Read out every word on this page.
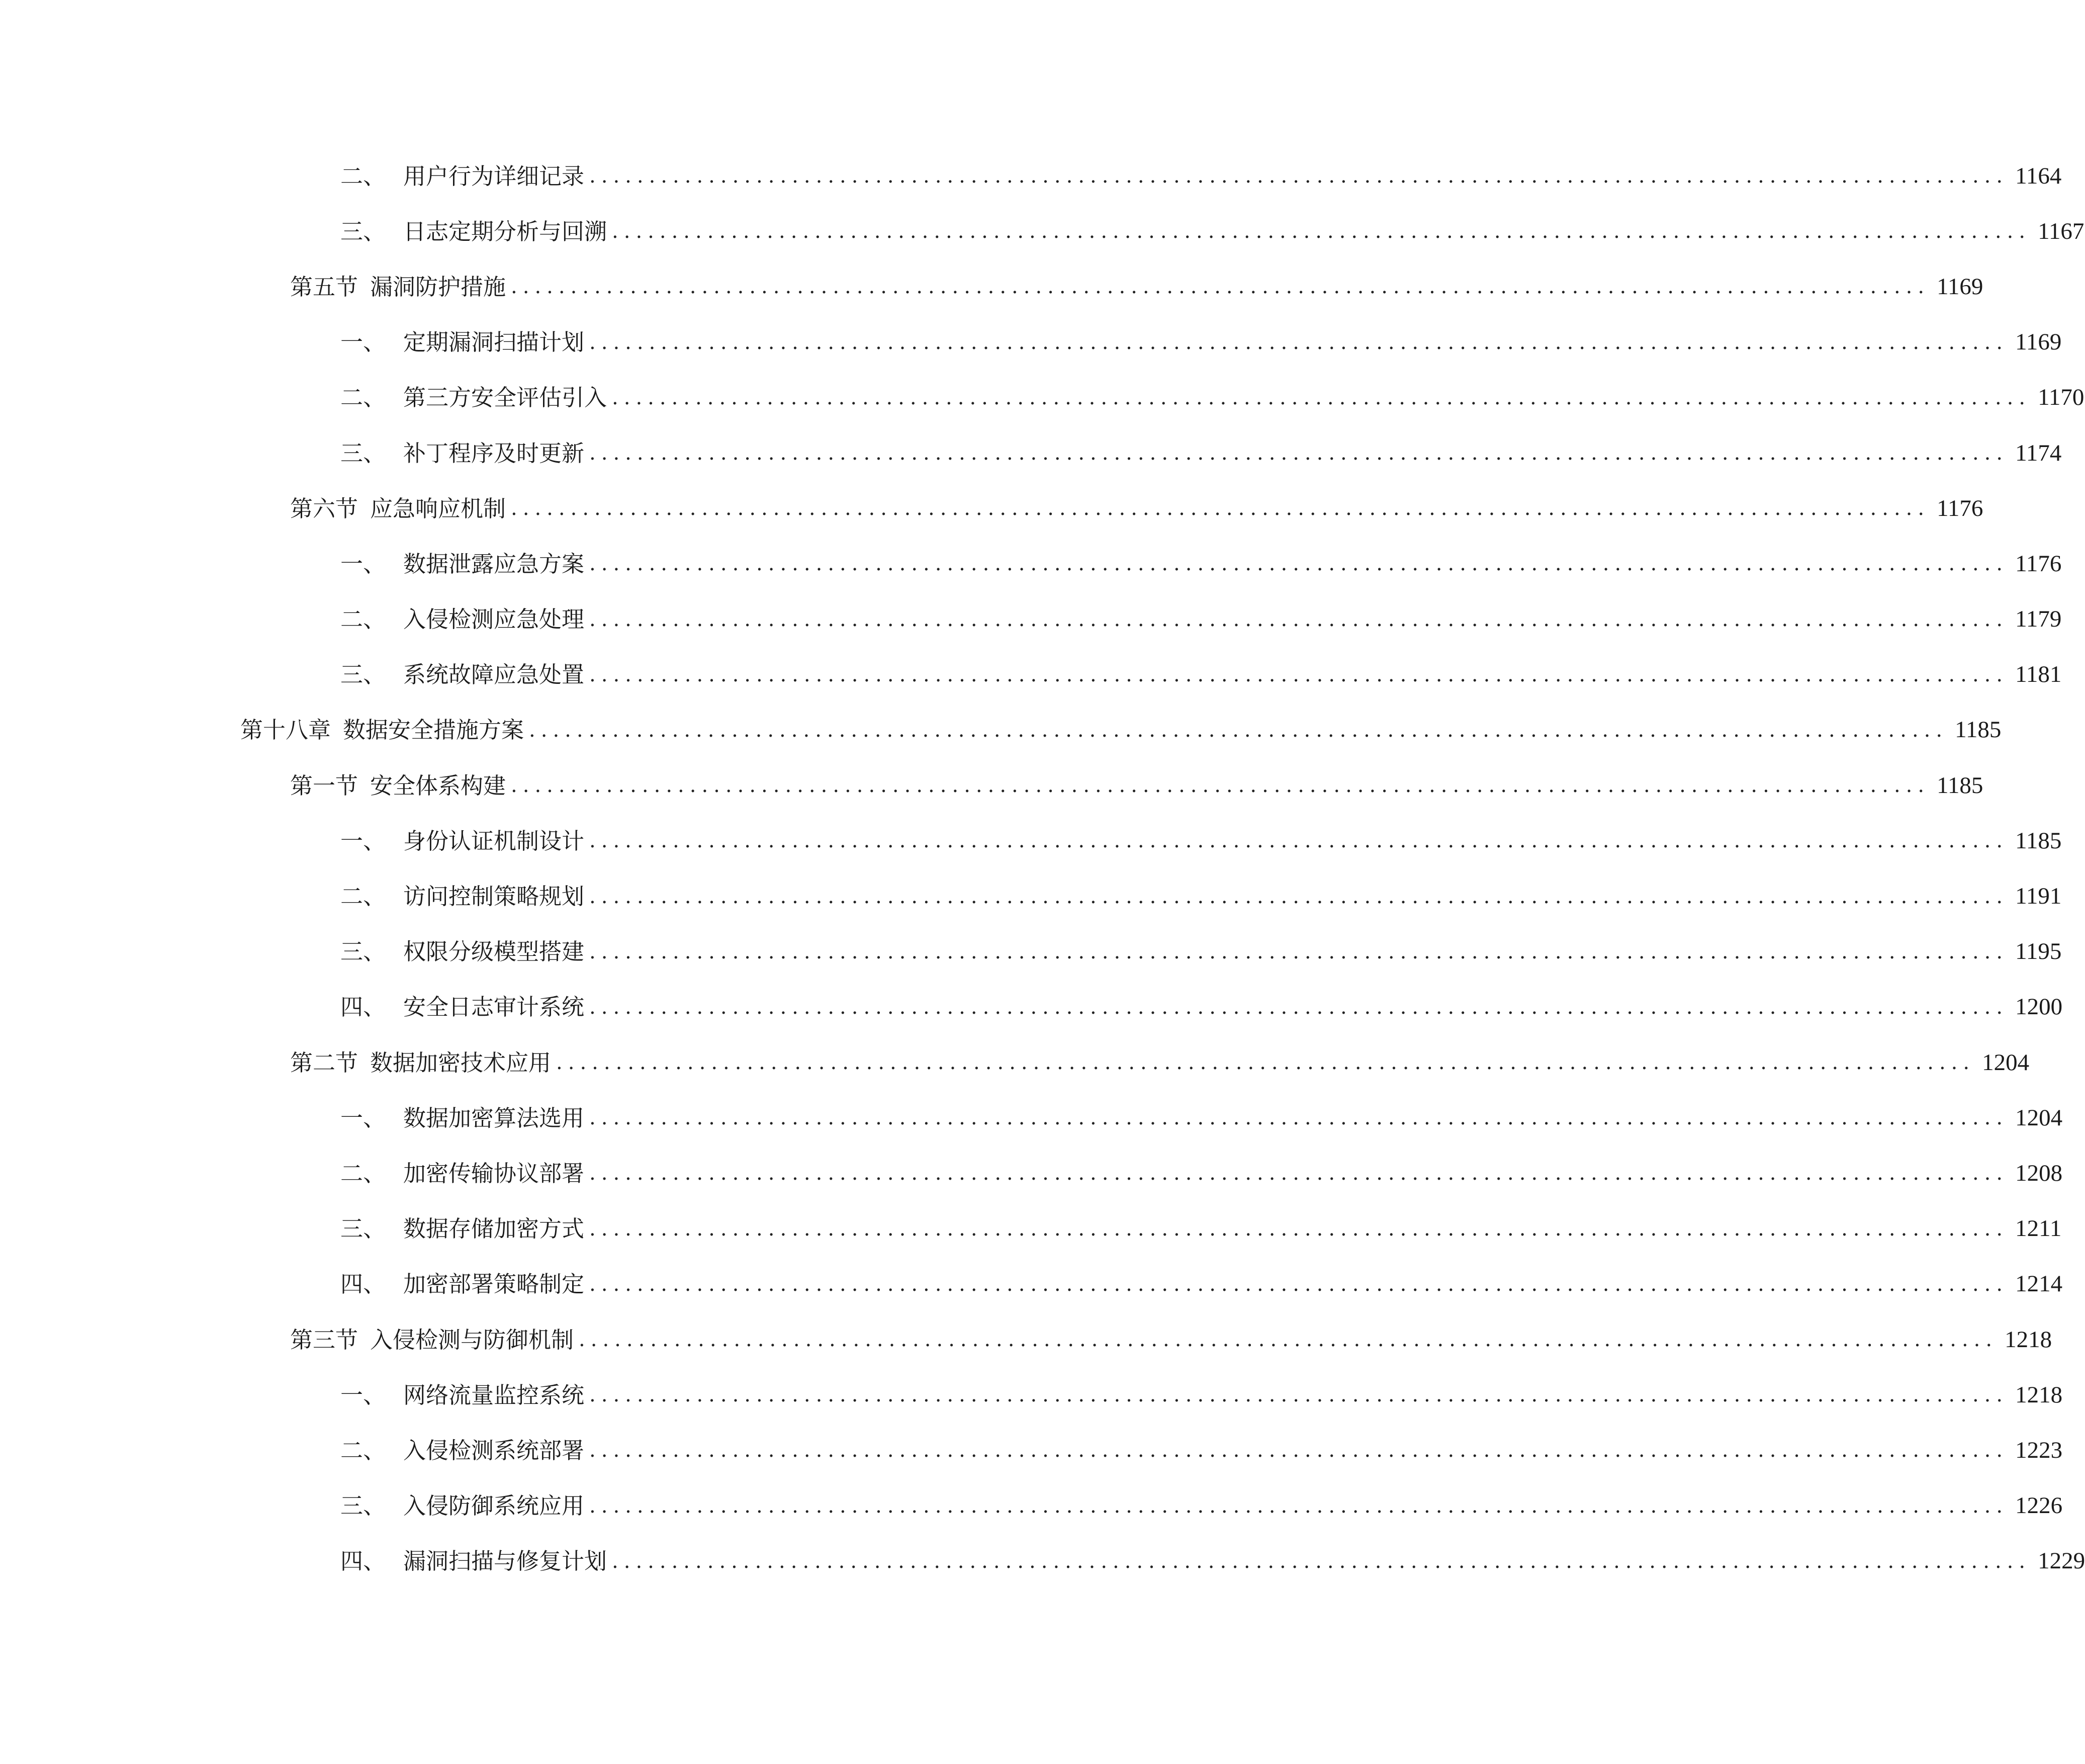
二、 用户行为详细记录 ....................................................................................................................... 1164
三、 日志定期分析与回溯 ....................................................................................................................... 1167
第五节 漏洞防护措施 ....................................................................................................................... 1169
一、 定期漏洞扫描计划 ....................................................................................................................... 1169
二、 第三方安全评估引入 ....................................................................................................................... 1170
三、 补丁程序及时更新 ....................................................................................................................... 1174
第六节 应急响应机制 ....................................................................................................................... 1176
一、 数据泄露应急方案 ....................................................................................................................... 1176
二、 入侵检测应急处理 ....................................................................................................................... 1179
三、 系统故障应急处置 ....................................................................................................................... 1181
第十八章 数据安全措施方案 ....................................................................................................................... 1185
第一节 安全体系构建 ....................................................................................................................... 1185
一、 身份认证机制设计 ....................................................................................................................... 1185
二、 访问控制策略规划 ....................................................................................................................... 1191
三、 权限分级模型搭建 ....................................................................................................................... 1195
四、 安全日志审计系统 ....................................................................................................................... 1200
第二节 数据加密技术应用 ....................................................................................................................... 1204
一、 数据加密算法选用 ....................................................................................................................... 1204
二、 加密传输协议部署 ....................................................................................................................... 1208
三、 数据存储加密方式 ....................................................................................................................... 1211
四、 加密部署策略制定 ....................................................................................................................... 1214
第三节 入侵检测与防御机制 ....................................................................................................................... 1218
一、 网络流量监控系统 ....................................................................................................................... 1218
二、 入侵检测系统部署 ....................................................................................................................... 1223
三、 入侵防御系统应用 ....................................................................................................................... 1226
四、 漏洞扫描与修复计划 ....................................................................................................................... 1229
